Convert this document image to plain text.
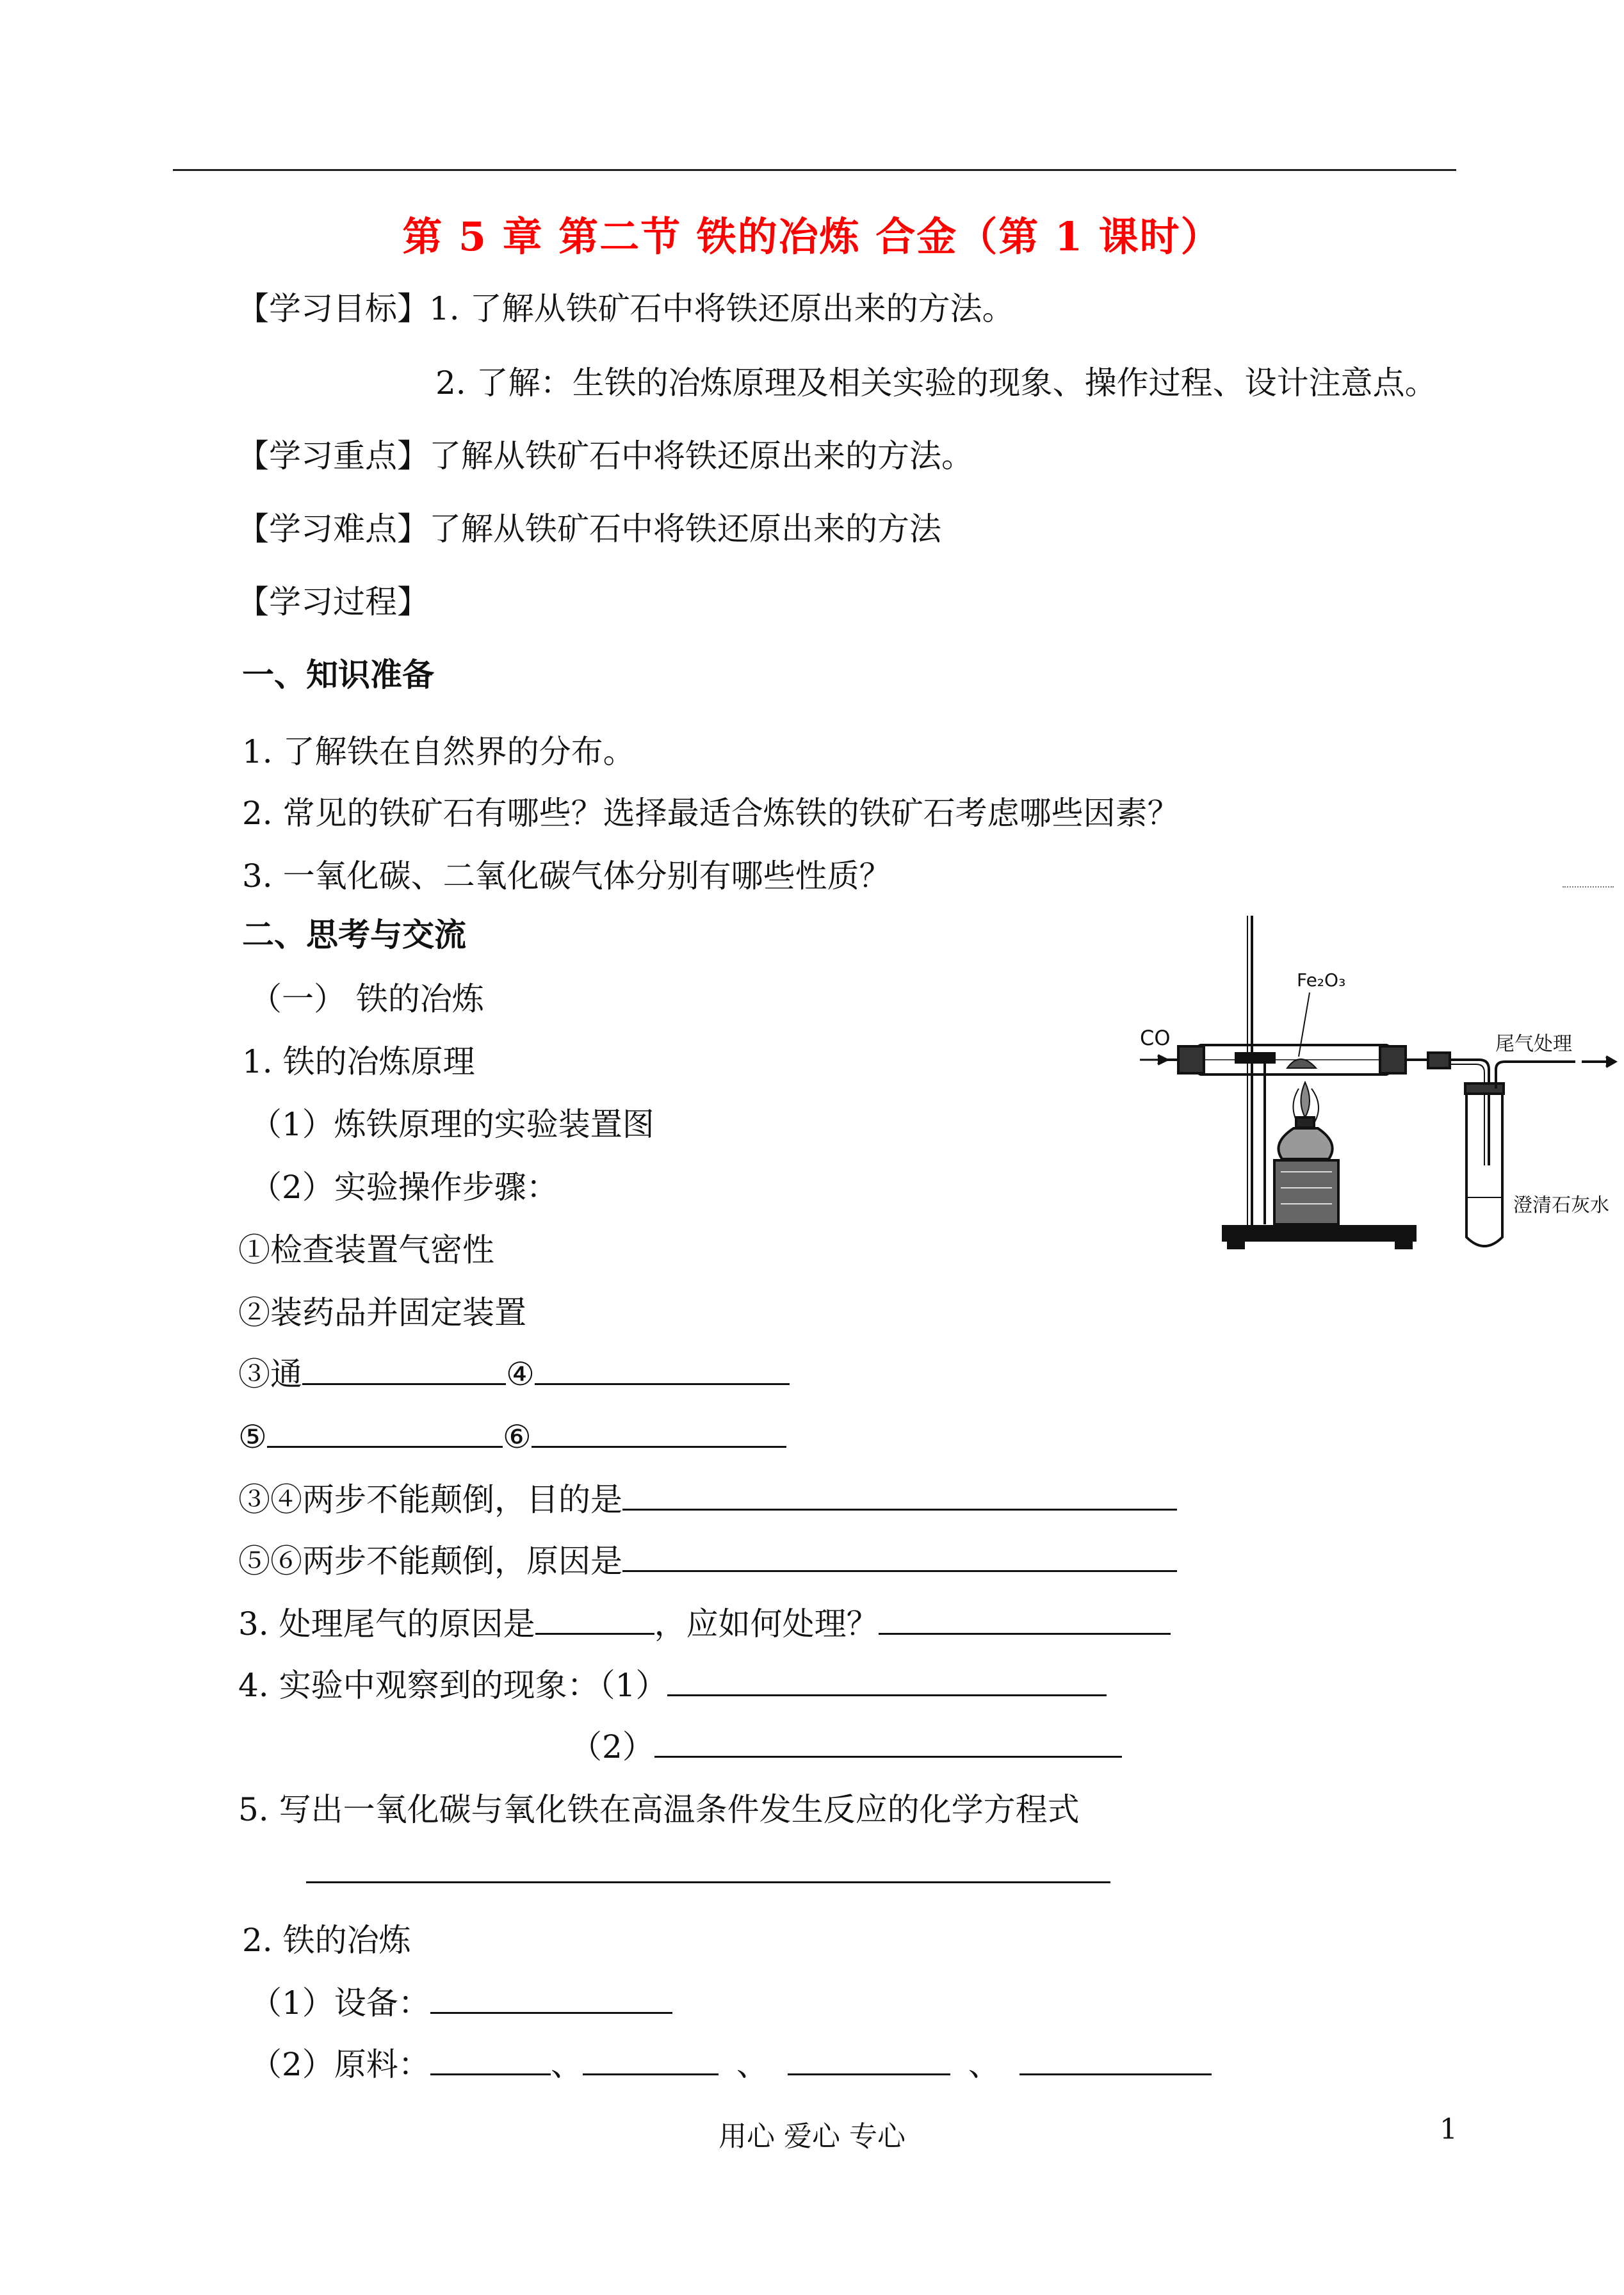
第 5 章 第二节 铁的冶炼 合金（第 1 课时）
【学习目标】1. 了解从铁矿石中将铁还原出来的方法。
2. 了解：生铁的冶炼原理及相关实验的现象、操作过程、设计注意点。
【学习重点】了解从铁矿石中将铁还原出来的方法。
【学习难点】了解从铁矿石中将铁还原出来的方法
【学习过程】
一、知识准备
1. 了解铁在自然界的分布。
2. 常见的铁矿石有哪些？选择最适合炼铁的铁矿石考虑哪些因素？
3. 一氧化碳、二氧化碳气体分别有哪些性质？
二、思考与交流
（一） 铁的冶炼
1. 铁的冶炼原理
（1）炼铁原理的实验装置图
（2）实验操作步骤：
①检查装置气密性
②装药品并固定装置
③通	④
⑤	⑥
③④两步不能颠倒，目的是
⑤⑥两步不能颠倒，原因是
3. 处理尾气的原因是	，应如何处理？
4. 实验中观察到的现象：（1）
（2）
5. 写出一氧化碳与氧化铁在高温条件发生反应的化学方程式
2. 铁的冶炼
（1）设备：
（2）原料：	、	、	、
CO
Fe₂O₃
尾气处理
澄清石灰水
用心 爱心 专心	1
